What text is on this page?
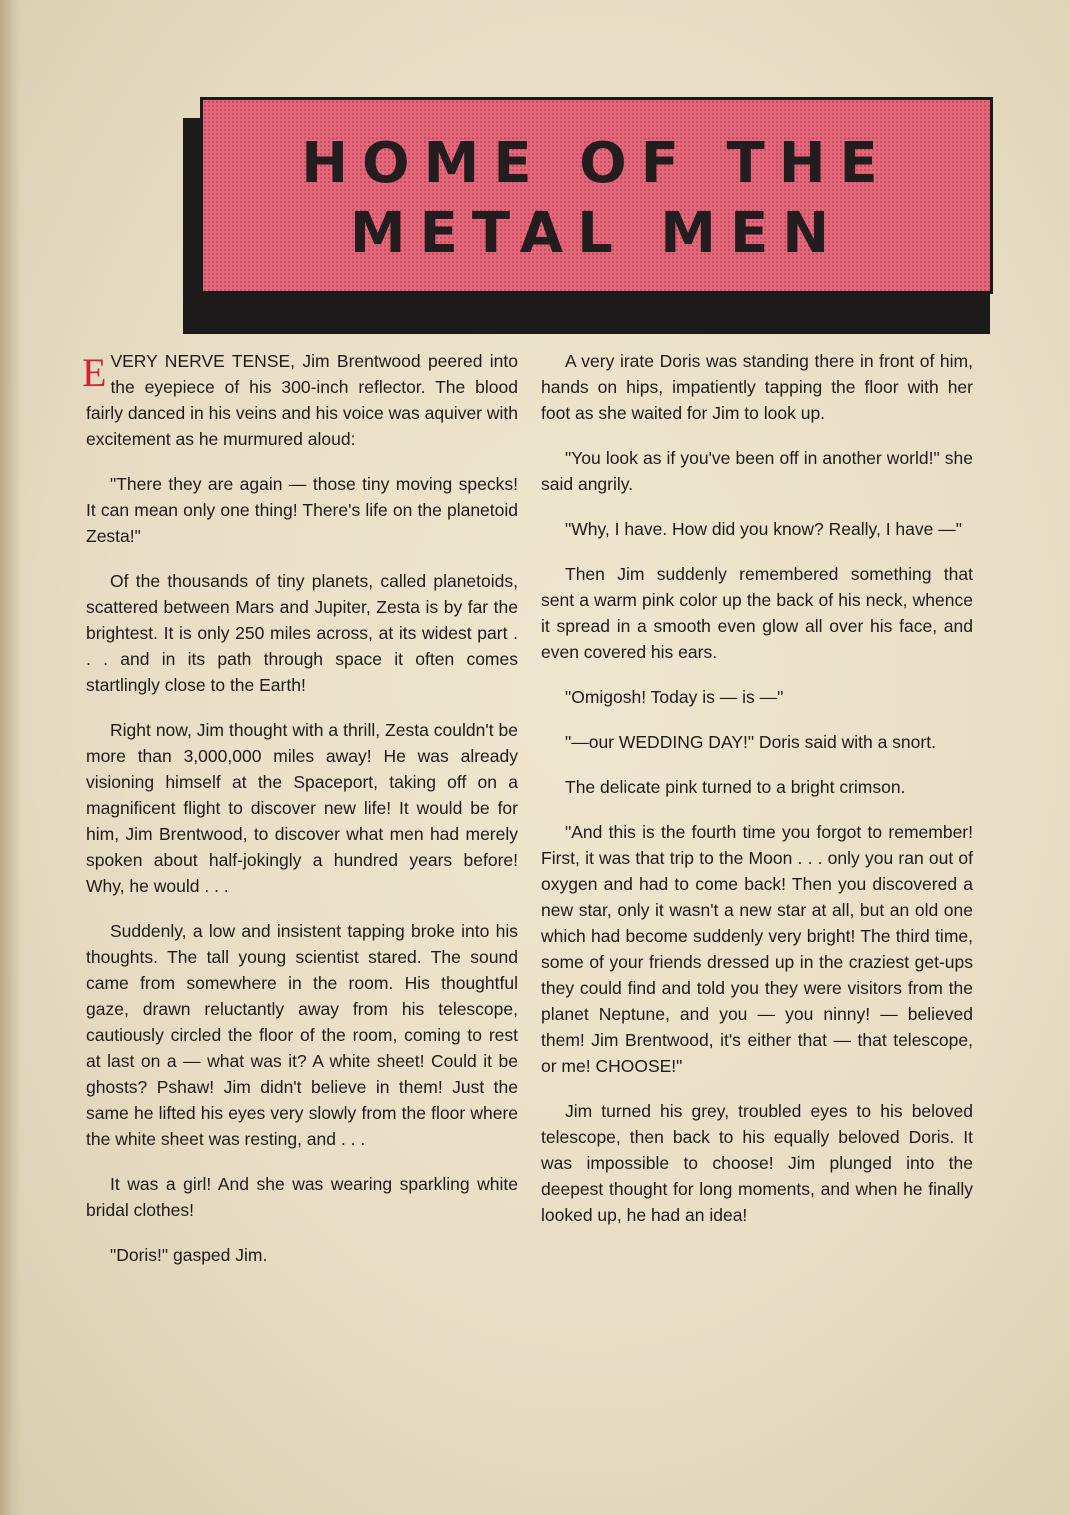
HOME OF THE
METAL MEN

EVERY NERVE TENSE, Jim Brentwood peered into the eyepiece of his 300-inch reflector. The blood fairly danced in his veins and his voice was aquiver with excitement as he murmured aloud:

"There they are again — those tiny moving specks! It can mean only one thing! There's life on the planetoid Zesta!"

Of the thousands of tiny planets, called planetoids, scattered between Mars and Jupiter, Zesta is by far the brightest. It is only 250 miles across, at its widest part . . . and in its path through space it often comes startlingly close to the Earth!

Right now, Jim thought with a thrill, Zesta couldn't be more than 3,000,000 miles away! He was already visioning himself at the Spaceport, taking off on a magnificent flight to discover new life! It would be for him, Jim Brentwood, to discover what men had merely spoken about half-jokingly a hundred years before! Why, he would . . .

Suddenly, a low and insistent tapping broke into his thoughts. The tall young scientist stared. The sound came from somewhere in the room. His thoughtful gaze, drawn reluctantly away from his telescope, cautiously circled the floor of the room, coming to rest at last on a — what was it? A white sheet! Could it be ghosts? Pshaw! Jim didn't believe in them! Just the same he lifted his eyes very slowly from the floor where the white sheet was resting, and . . .

It was a girl! And she was wearing sparkling white bridal clothes!

"Doris!" gasped Jim.

A very irate Doris was standing there in front of him, hands on hips, impatiently tapping the floor with her foot as she waited for Jim to look up.

"You look as if you've been off in another world!" she said angrily.

"Why, I have. How did you know? Really, I have —"

Then Jim suddenly remembered something that sent a warm pink color up the back of his neck, whence it spread in a smooth even glow all over his face, and even covered his ears.

"Omigosh! Today is — is —"

"—our WEDDING DAY!" Doris said with a snort.

The delicate pink turned to a bright crimson.

"And this is the fourth time you forgot to remember! First, it was that trip to the Moon . . . only you ran out of oxygen and had to come back! Then you discovered a new star, only it wasn't a new star at all, but an old one which had become suddenly very bright! The third time, some of your friends dressed up in the craziest get-ups they could find and told you they were visitors from the planet Neptune, and you — you ninny! — believed them! Jim Brentwood, it's either that — that telescope, or me! CHOOSE!"

Jim turned his grey, troubled eyes to his beloved telescope, then back to his equally beloved Doris. It was impossible to choose! Jim plunged into the deepest thought for long moments, and when he finally looked up, he had an idea!
